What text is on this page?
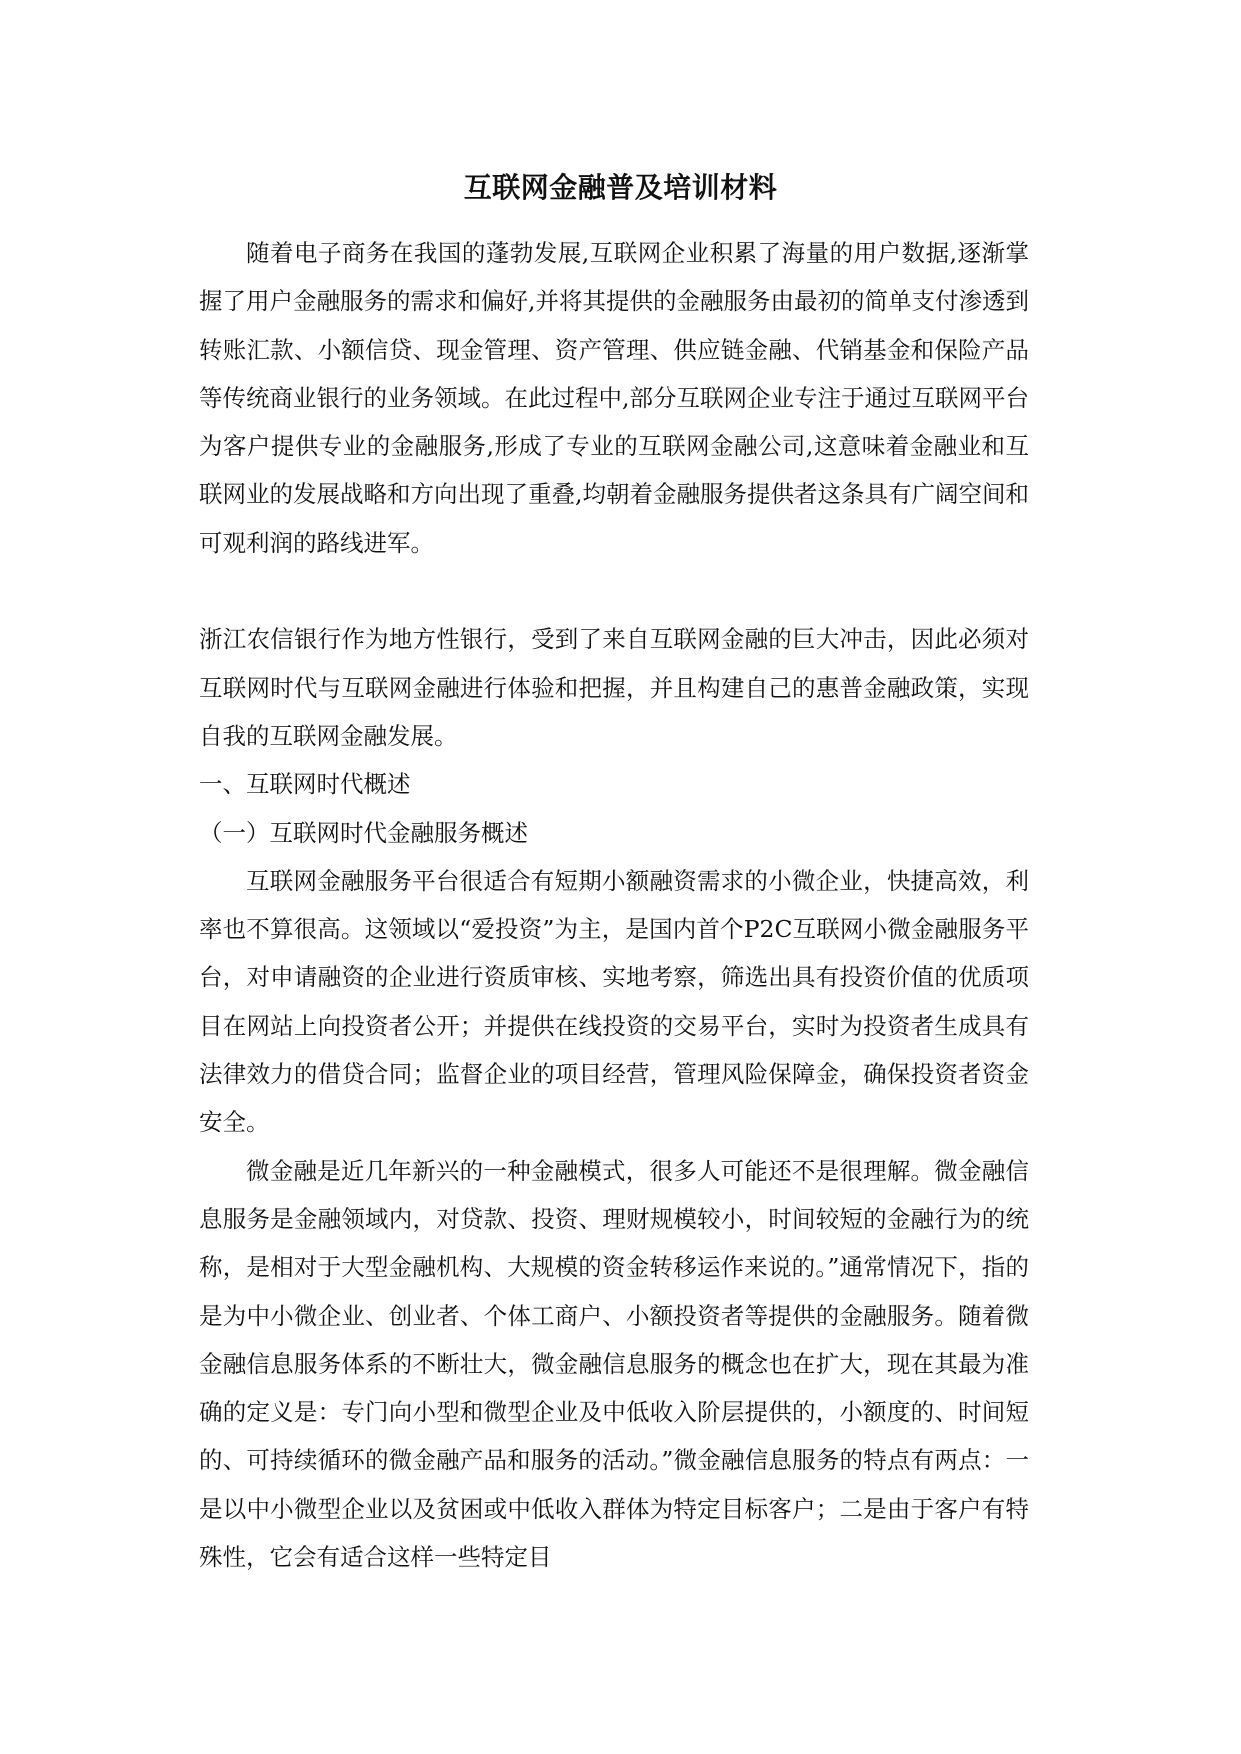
互联网金融普及培训材料

随着电子商务在我国的蓬勃发展,互联网企业积累了海量的用户数据,逐渐掌握了用户金融服务的需求和偏好,并将其提供的金融服务由最初的简单支付渗透到转账汇款、小额信贷、现金管理、资产管理、供应链金融、代销基金和保险产品等传统商业银行的业务领域。在此过程中,部分互联网企业专注于通过互联网平台为客户提供专业的金融服务,形成了专业的互联网金融公司,这意味着金融业和互联网业的发展战略和方向出现了重叠,均朝着金融服务提供者这条具有广阔空间和可观利润的路线进军。

浙江农信银行作为地方性银行，受到了来自互联网金融的巨大冲击，因此必须对互联网时代与互联网金融进行体验和把握，并且构建自己的惠普金融政策，实现自我的互联网金融发展。

一、互联网时代概述

（一）互联网时代金融服务概述

互联网金融服务平台很适合有短期小额融资需求的小微企业，快捷高效，利率也不算很高。这领域以“爱投资”为主，是国内首个P2C互联网小微金融服务平台，对申请融资的企业进行资质审核、实地考察，筛选出具有投资价值的优质项目在网站上向投资者公开；并提供在线投资的交易平台，实时为投资者生成具有法律效力的借贷合同；监督企业的项目经营，管理风险保障金，确保投资者资金安全。

微金融是近几年新兴的一种金融模式，很多人可能还不是很理解。微金融信息服务是金融领域内，对贷款、投资、理财规模较小，时间较短的金融行为的统称，是相对于大型金融机构、大规模的资金转移运作来说的。”通常情况下，指的是为中小微企业、创业者、个体工商户、小额投资者等提供的金融服务。随着微金融信息服务体系的不断壮大，微金融信息服务的概念也在扩大，现在其最为准确的定义是：专门向小型和微型企业及中低收入阶层提供的，小额度的、时间短的、可持续循环的微金融产品和服务的活动。”微金融信息服务的特点有两点：一是以中小微型企业以及贫困或中低收入群体为特定目标客户；二是由于客户有特殊性，它会有适合这样一些特定目
